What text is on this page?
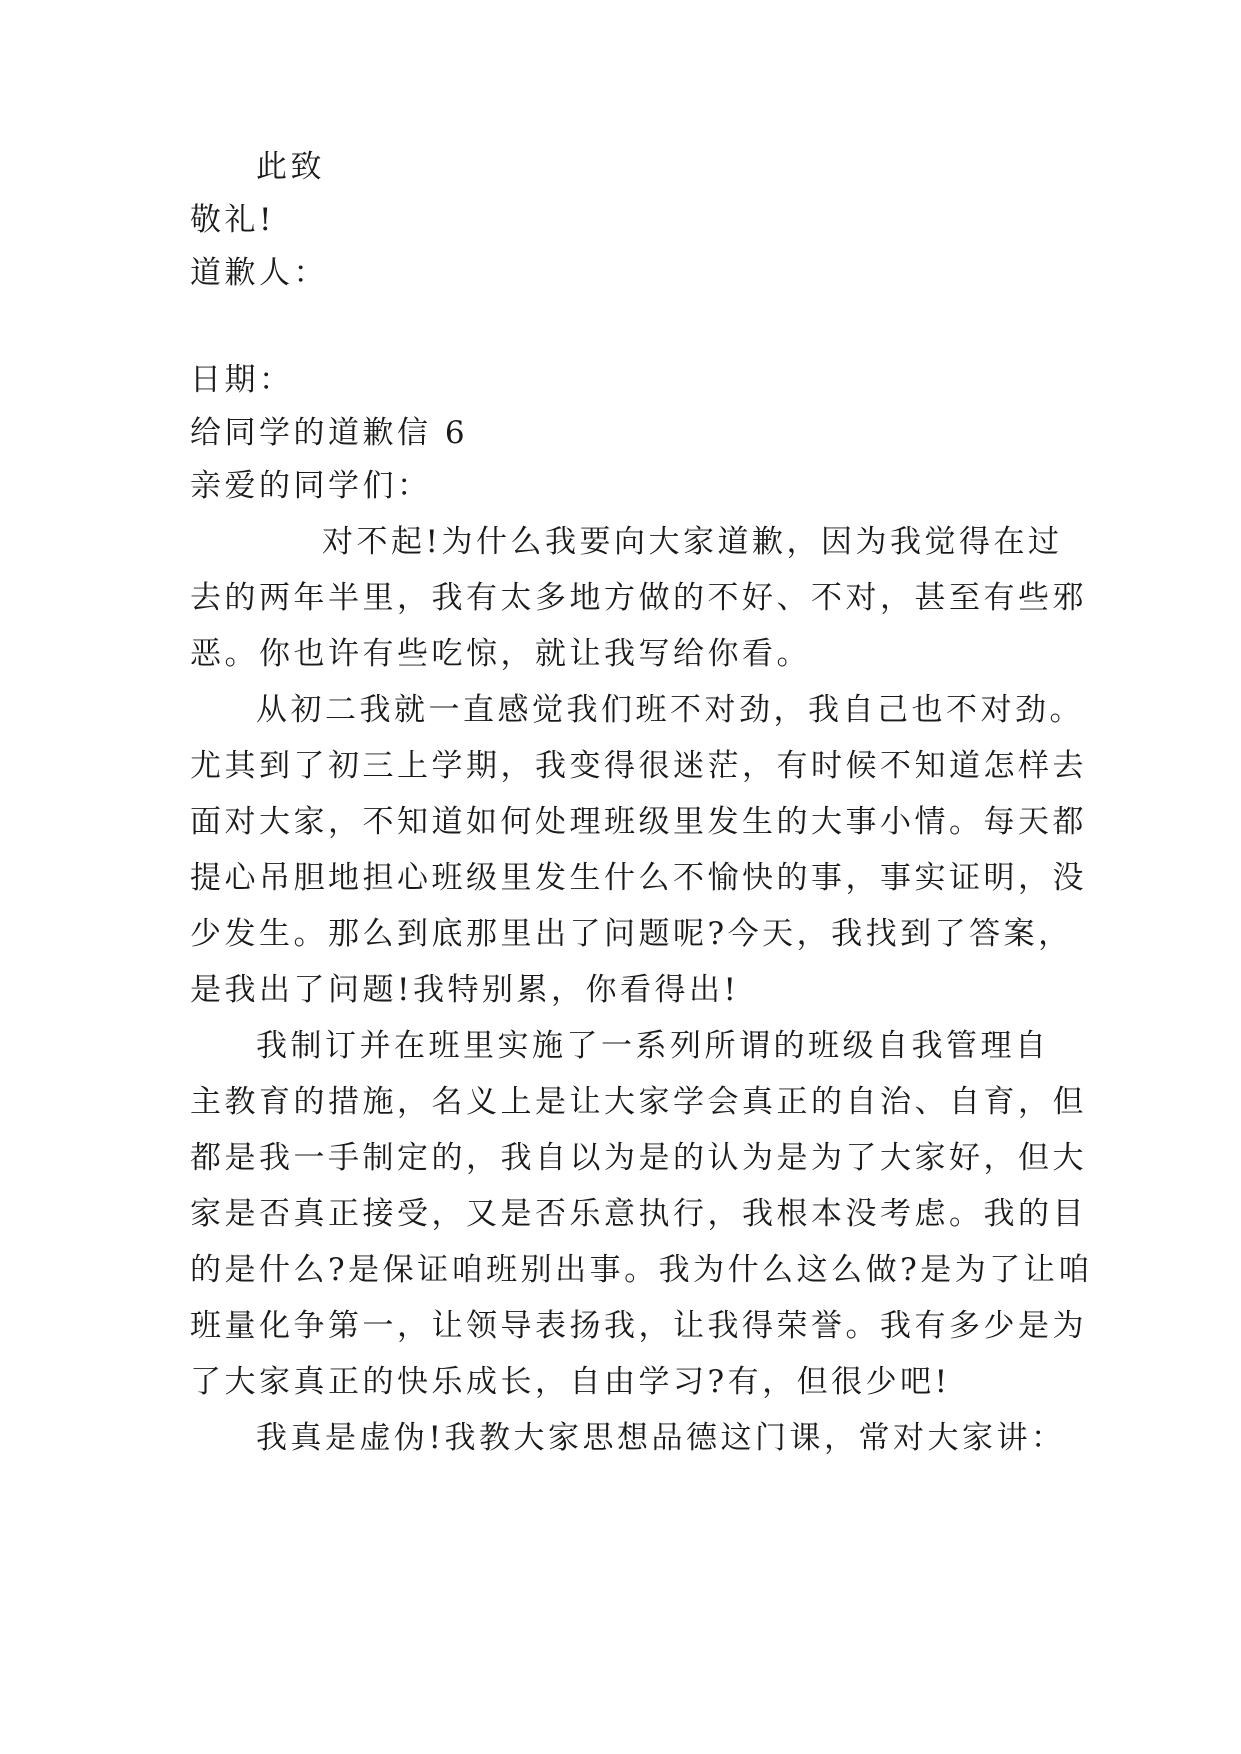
此致
敬礼!
道歉人：
日期：
给同学的道歉信 6
亲爱的同学们：
对不起!为什么我要向大家道歉，因为我觉得在过
去的两年半里，我有太多地方做的不好、不对，甚至有些邪
恶。你也许有些吃惊，就让我写给你看。
从初二我就一直感觉我们班不对劲，我自己也不对劲。
尤其到了初三上学期，我变得很迷茫，有时候不知道怎样去
面对大家，不知道如何处理班级里发生的大事小情。每天都
提心吊胆地担心班级里发生什么不愉快的事，事实证明，没
少发生。那么到底那里出了问题呢?今天，我找到了答案，
是我出了问题!我特别累，你看得出!
我制订并在班里实施了一系列所谓的班级自我管理自
主教育的措施，名义上是让大家学会真正的自治、自育，但
都是我一手制定的，我自以为是的认为是为了大家好，但大
家是否真正接受，又是否乐意执行，我根本没考虑。我的目
的是什么?是保证咱班别出事。我为什么这么做?是为了让咱
班量化争第一，让领导表扬我，让我得荣誉。我有多少是为
了大家真正的快乐成长，自由学习?有，但很少吧!
我真是虚伪!我教大家思想品德这门课，常对大家讲：
